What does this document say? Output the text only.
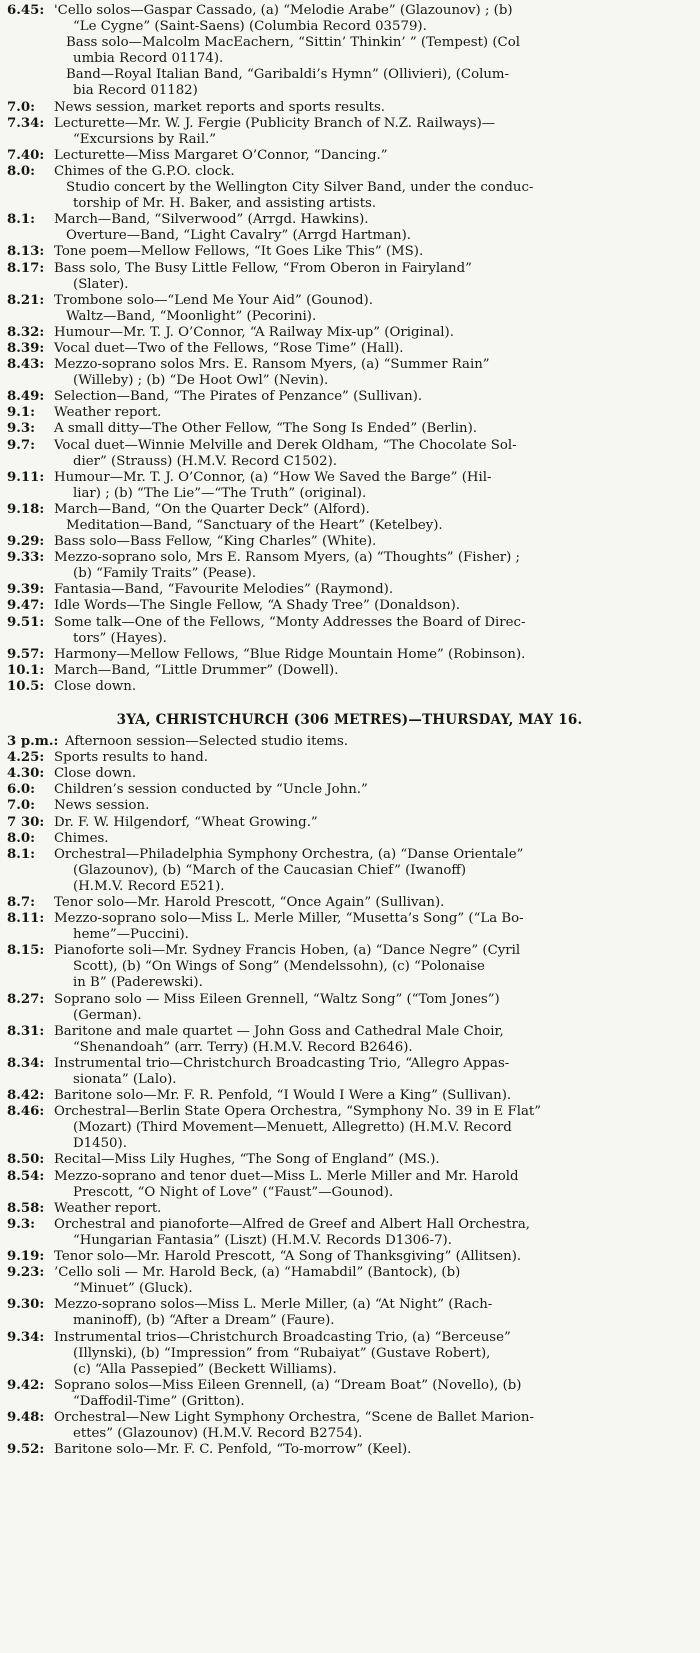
6.45: 'Cello solos—Gaspar Cassado, (a) “Melodie Arabe” (Glazounov) ; (b)
“Le Cygne” (Saint-Saens) (Columbia Record 03579).
Bass solo—Malcolm MacEachern, “Sittin’ Thinkin’ ” (Tempest) (Col
umbia Record 01174).
Band—Royal Italian Band, “Garibaldi’s Hymn” (Ollivieri), (Colum-
bia Record 01182)
7.0:	News session, market reports and sports results.
7.34: Lecturette—Mr. W. J. Fergie (Publicity Branch of N.Z. Railways)—
“Excursions by Rail.”
7.40: Lecturette—Miss Margaret O’Connor, “Dancing.”
8.0:	Chimes of the G.P.O. clock.
Studio concert by the Wellington City Silver Band, under the conduc-
torship of Mr. H. Baker, and assisting artists.
8.1:	March—Band, “Silverwood” (Arrgd. Hawkins).
Overture—Band, “Light Cavalry” (Arrgd Hartman).
8.13: Tone poem—Mellow Fellows, “It Goes Like This” (MS).
8.17: Bass solo, The Busy Little Fellow, “From Oberon in Fairyland”
(Slater).
8.21: Trombone solo—“Lend Me Your Aid” (Gounod).
Waltz—Band, “Moonlight” (Pecorini).
8.32: Humour—Mr. T. J. O’Connor, “A Railway Mix-up” (Original).
8.39: Vocal duet—Two of the Fellows, “Rose Time” (Hall).
8.43: Mezzo-soprano solos Mrs. E. Ransom Myers, (a) “Summer Rain”
(Willeby) ; (b) “De Hoot Owl” (Nevin).
8.49: Selection—Band, “The Pirates of Penzance” (Sullivan).
9.1:	Weather report.
9.3:	A small ditty—The Other Fellow, “The Song Is Ended” (Berlin).
9.7:	Vocal duet—Winnie Melville and Derek Oldham, “The Chocolate Sol-
dier” (Strauss) (H.M.V. Record C1502).
9.11: Humour—Mr. T. J. O’Connor, (a) “How We Saved the Barge” (Hil-
liar) ; (b) “The Lie”—“The Truth” (original).
9.18: March—Band, “On the Quarter Deck” (Alford).
Meditation—Band, “Sanctuary of the Heart” (Ketelbey).
9.29: Bass solo—Bass Fellow, “King Charles” (White).
9.33: Mezzo-soprano solo, Mrs E. Ransom Myers, (a) “Thoughts” (Fisher) ;
(b) “Family Traits” (Pease).
9.39: Fantasia—Band, “Favourite Melodies” (Raymond).
9.47: Idle Words—The Single Fellow, “A Shady Tree” (Donaldson).
9.51: Some talk—One of the Fellows, “Monty Addresses the Board of Direc-
tors” (Hayes).
9.57: Harmony—Mellow Fellows, “Blue Ridge Mountain Home” (Robinson).
10.1: March—Band, “Little Drummer” (Dowell).
10.5: Close down.
3YA, CHRISTCHURCH (306 METRES)—THURSDAY, MAY 16.
3 p.m.: Afternoon session—Selected studio items.
4.25: Sports results to hand.
4.30: Close down.
6.0:	Children’s session conducted by “Uncle John.”
7.0:	News session.
7 30: Dr. F. W. Hilgendorf, “Wheat Growing.”
8.0:	Chimes.
8.1:	Orchestral—Philadelphia Symphony Orchestra, (a) “Danse Orientale”
(Glazounov), (b) “March of the Caucasian Chief” (Iwanoff)
(H.M.V. Record E521).
8.7:	Tenor solo—Mr. Harold Prescott, “Once Again” (Sullivan).
8.11: Mezzo-soprano solo—Miss L. Merle Miller, “Musetta’s Song” (“La Bo-
heme”—Puccini).
8.15: Pianoforte soli—Mr. Sydney Francis Hoben, (a) “Dance Negre” (Cyril
Scott), (b) “On Wings of Song” (Mendelssohn), (c) “Polonaise
in B” (Paderewski).
8.27: Soprano solo — Miss Eileen Grennell, “Waltz Song” (“Tom Jones”)
(German).
8.31: Baritone and male quartet — John Goss and Cathedral Male Choir,
“Shenandoah” (arr. Terry) (H.M.V. Record B2646).
8.34: Instrumental trio—Christchurch Broadcasting Trio, “Allegro Appas-
sionata” (Lalo).
8.42: Baritone solo—Mr. F. R. Penfold, “I Would I Were a King” (Sullivan).
8.46: Orchestral—Berlin State Opera Orchestra, “Symphony No. 39 in E Flat”
(Mozart) (Third Movement—Menuett, Allegretto) (H.M.V. Record
D1450).
8.50: Recital—Miss Lily Hughes, “The Song of England” (MS.).
8.54: Mezzo-soprano and tenor duet—Miss L. Merle Miller and Mr. Harold
Prescott, “O Night of Love” (“Faust”—Gounod).
8.58: Weather report.
9.3:	Orchestral and pianoforte—Alfred de Greef and Albert Hall Orchestra,
“Hungarian Fantasia” (Liszt) (H.M.V. Records D1306-7).
9.19: Tenor solo—Mr. Harold Prescott, “A Song of Thanksgiving” (Allitsen).
9.23: ’Cello soli — Mr. Harold Beck, (a) “Hamabdil” (Bantock), (b)
“Minuet” (Gluck).
9.30: Mezzo-soprano solos—Miss L. Merle Miller, (a) “At Night” (Rach-
maninoff), (b) “After a Dream” (Faure).
9.34: Instrumental trios—Christchurch Broadcasting Trio, (a) “Berceuse”
(Illynski), (b) “Impression” from “Rubaiyat” (Gustave Robert),
(c) “Alla Passepied” (Beckett Williams).
9.42: Soprano solos—Miss Eileen Grennell, (a) “Dream Boat” (Novello), (b)
“Daffodil-Time” (Gritton).
9.48: Orchestral—New Light Symphony Orchestra, “Scene de Ballet Marion-
ettes” (Glazounov) (H.M.V. Record B2754).
9.52: Baritone solo—Mr. F. C. Penfold, “To-morrow” (Keel).
